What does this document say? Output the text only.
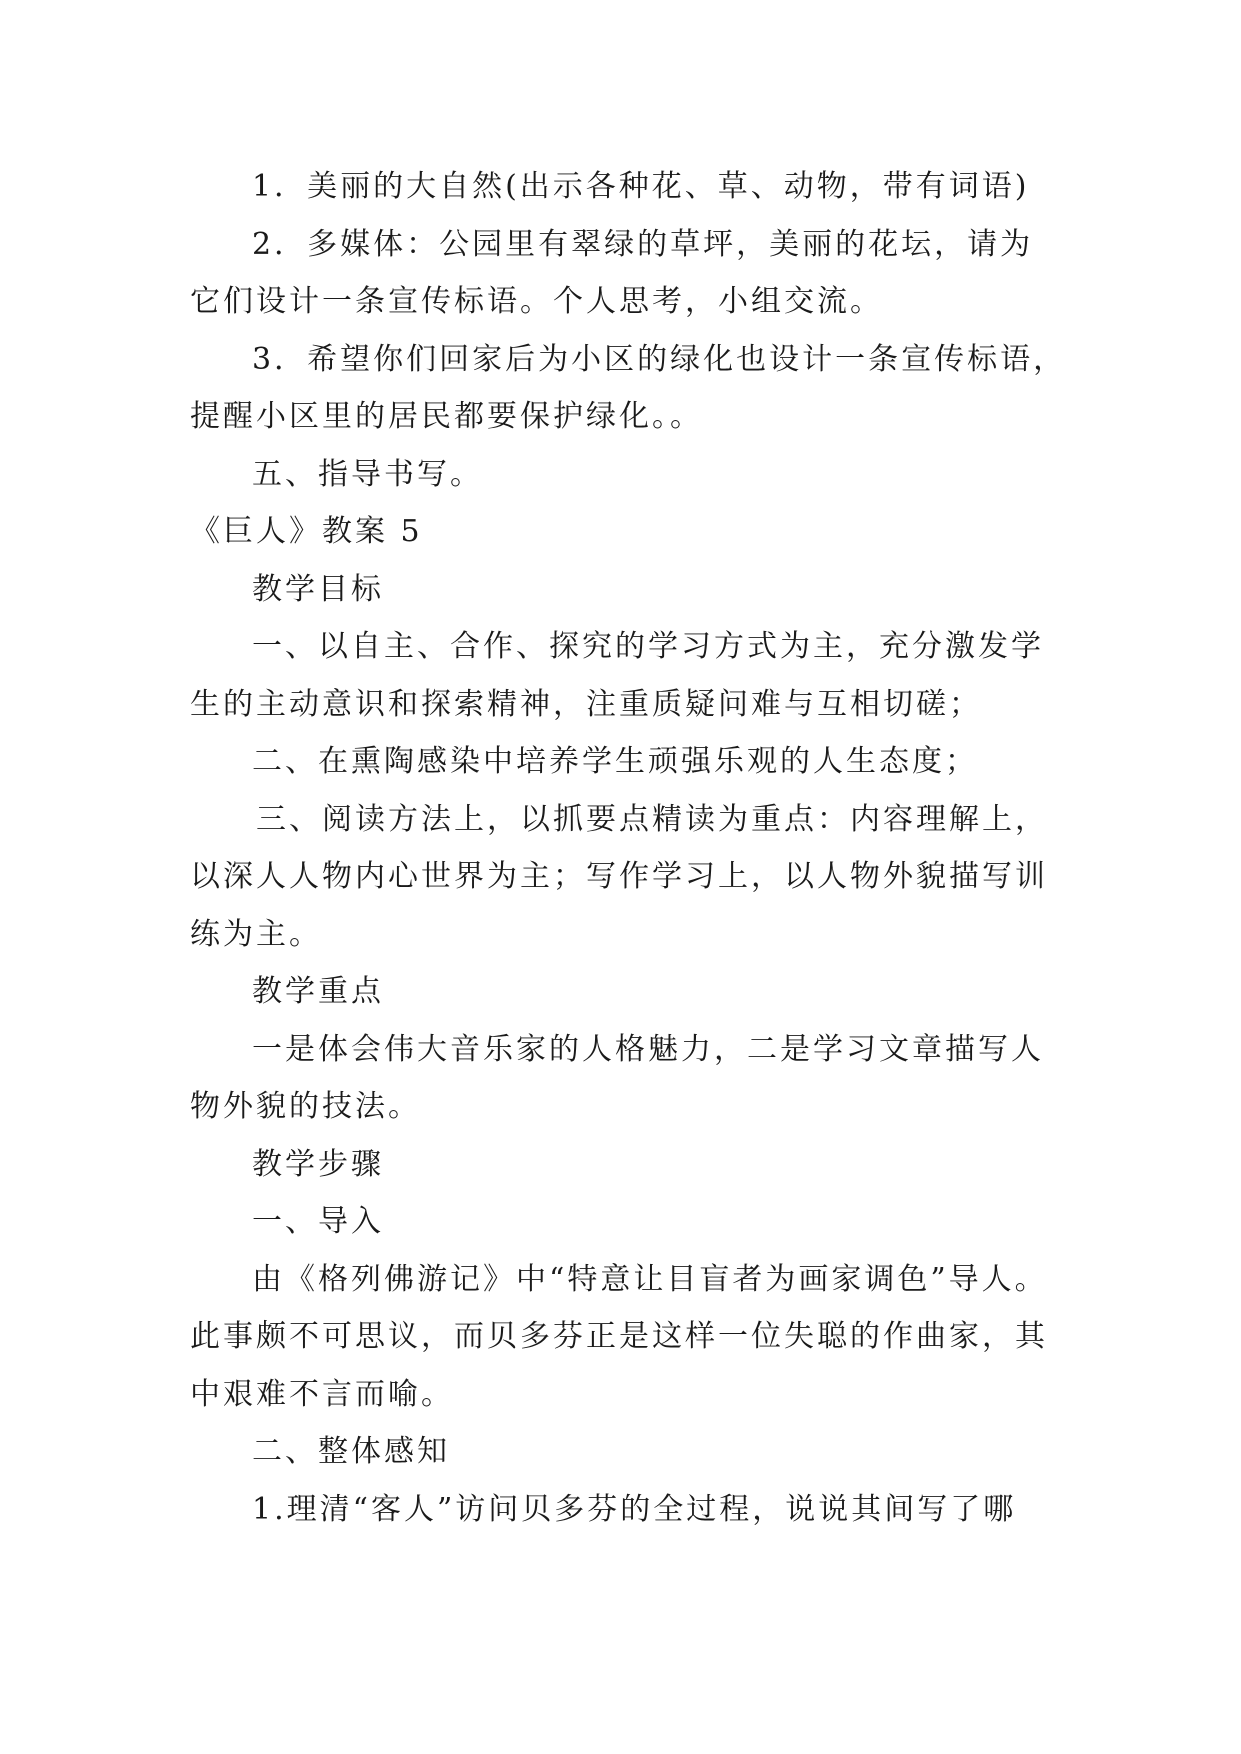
1．美丽的大自然(出示各种花、草、动物，带有词语)
2．多媒体：公园里有翠绿的草坪，美丽的花坛，请为
它们设计一条宣传标语。个人思考，小组交流。
3．希望你们回家后为小区的绿化也设计一条宣传标语，
提醒小区里的居民都要保护绿化。。
五、指导书写。
《巨人》教案 5
教学目标
一、以自主、合作、探究的学习方式为主，充分激发学
生的主动意识和探索精神，注重质疑问难与互相切磋；
二、在熏陶感染中培养学生顽强乐观的人生态度；
三、阅读方法上，以抓要点精读为重点：内容理解上，
以深人人物内心世界为主；写作学习上，以人物外貌描写训
练为主。
教学重点
一是体会伟大音乐家的人格魅力，二是学习文章描写人
物外貌的技法。
教学步骤
一、导入
由《格列佛游记》中“特意让目盲者为画家调色”导人。
此事颇不可思议，而贝多芬正是这样一位失聪的作曲家，其
中艰难不言而喻。
二、整体感知
1.理清“客人”访问贝多芬的全过程，说说其间写了哪
